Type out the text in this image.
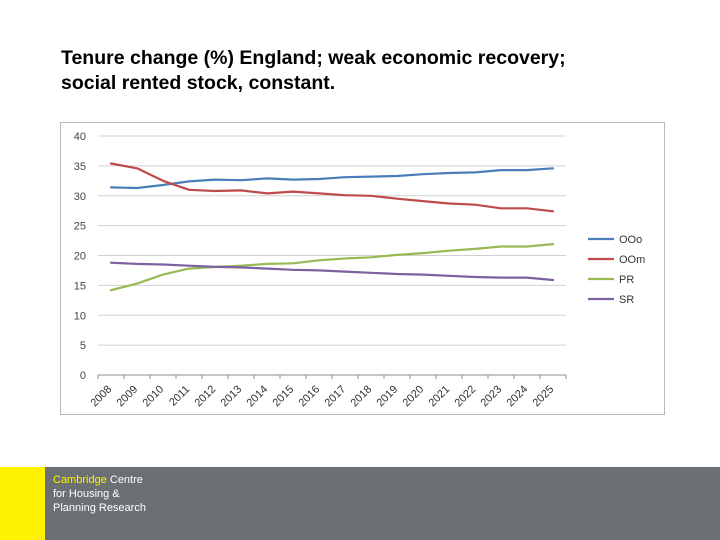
Tenure change (%) England; weak economic recovery;
social rented stock, constant.
0
5
10
15
20
25
30
35
40
2008 2009 2010 2011 2012 2013 2014 2015 2016 2017 2018 2019 2020 2021 2022 2023 2024 2025
OOo
OOm
PR
SR
Cambridge Centre
for Housing &
Planning Research
